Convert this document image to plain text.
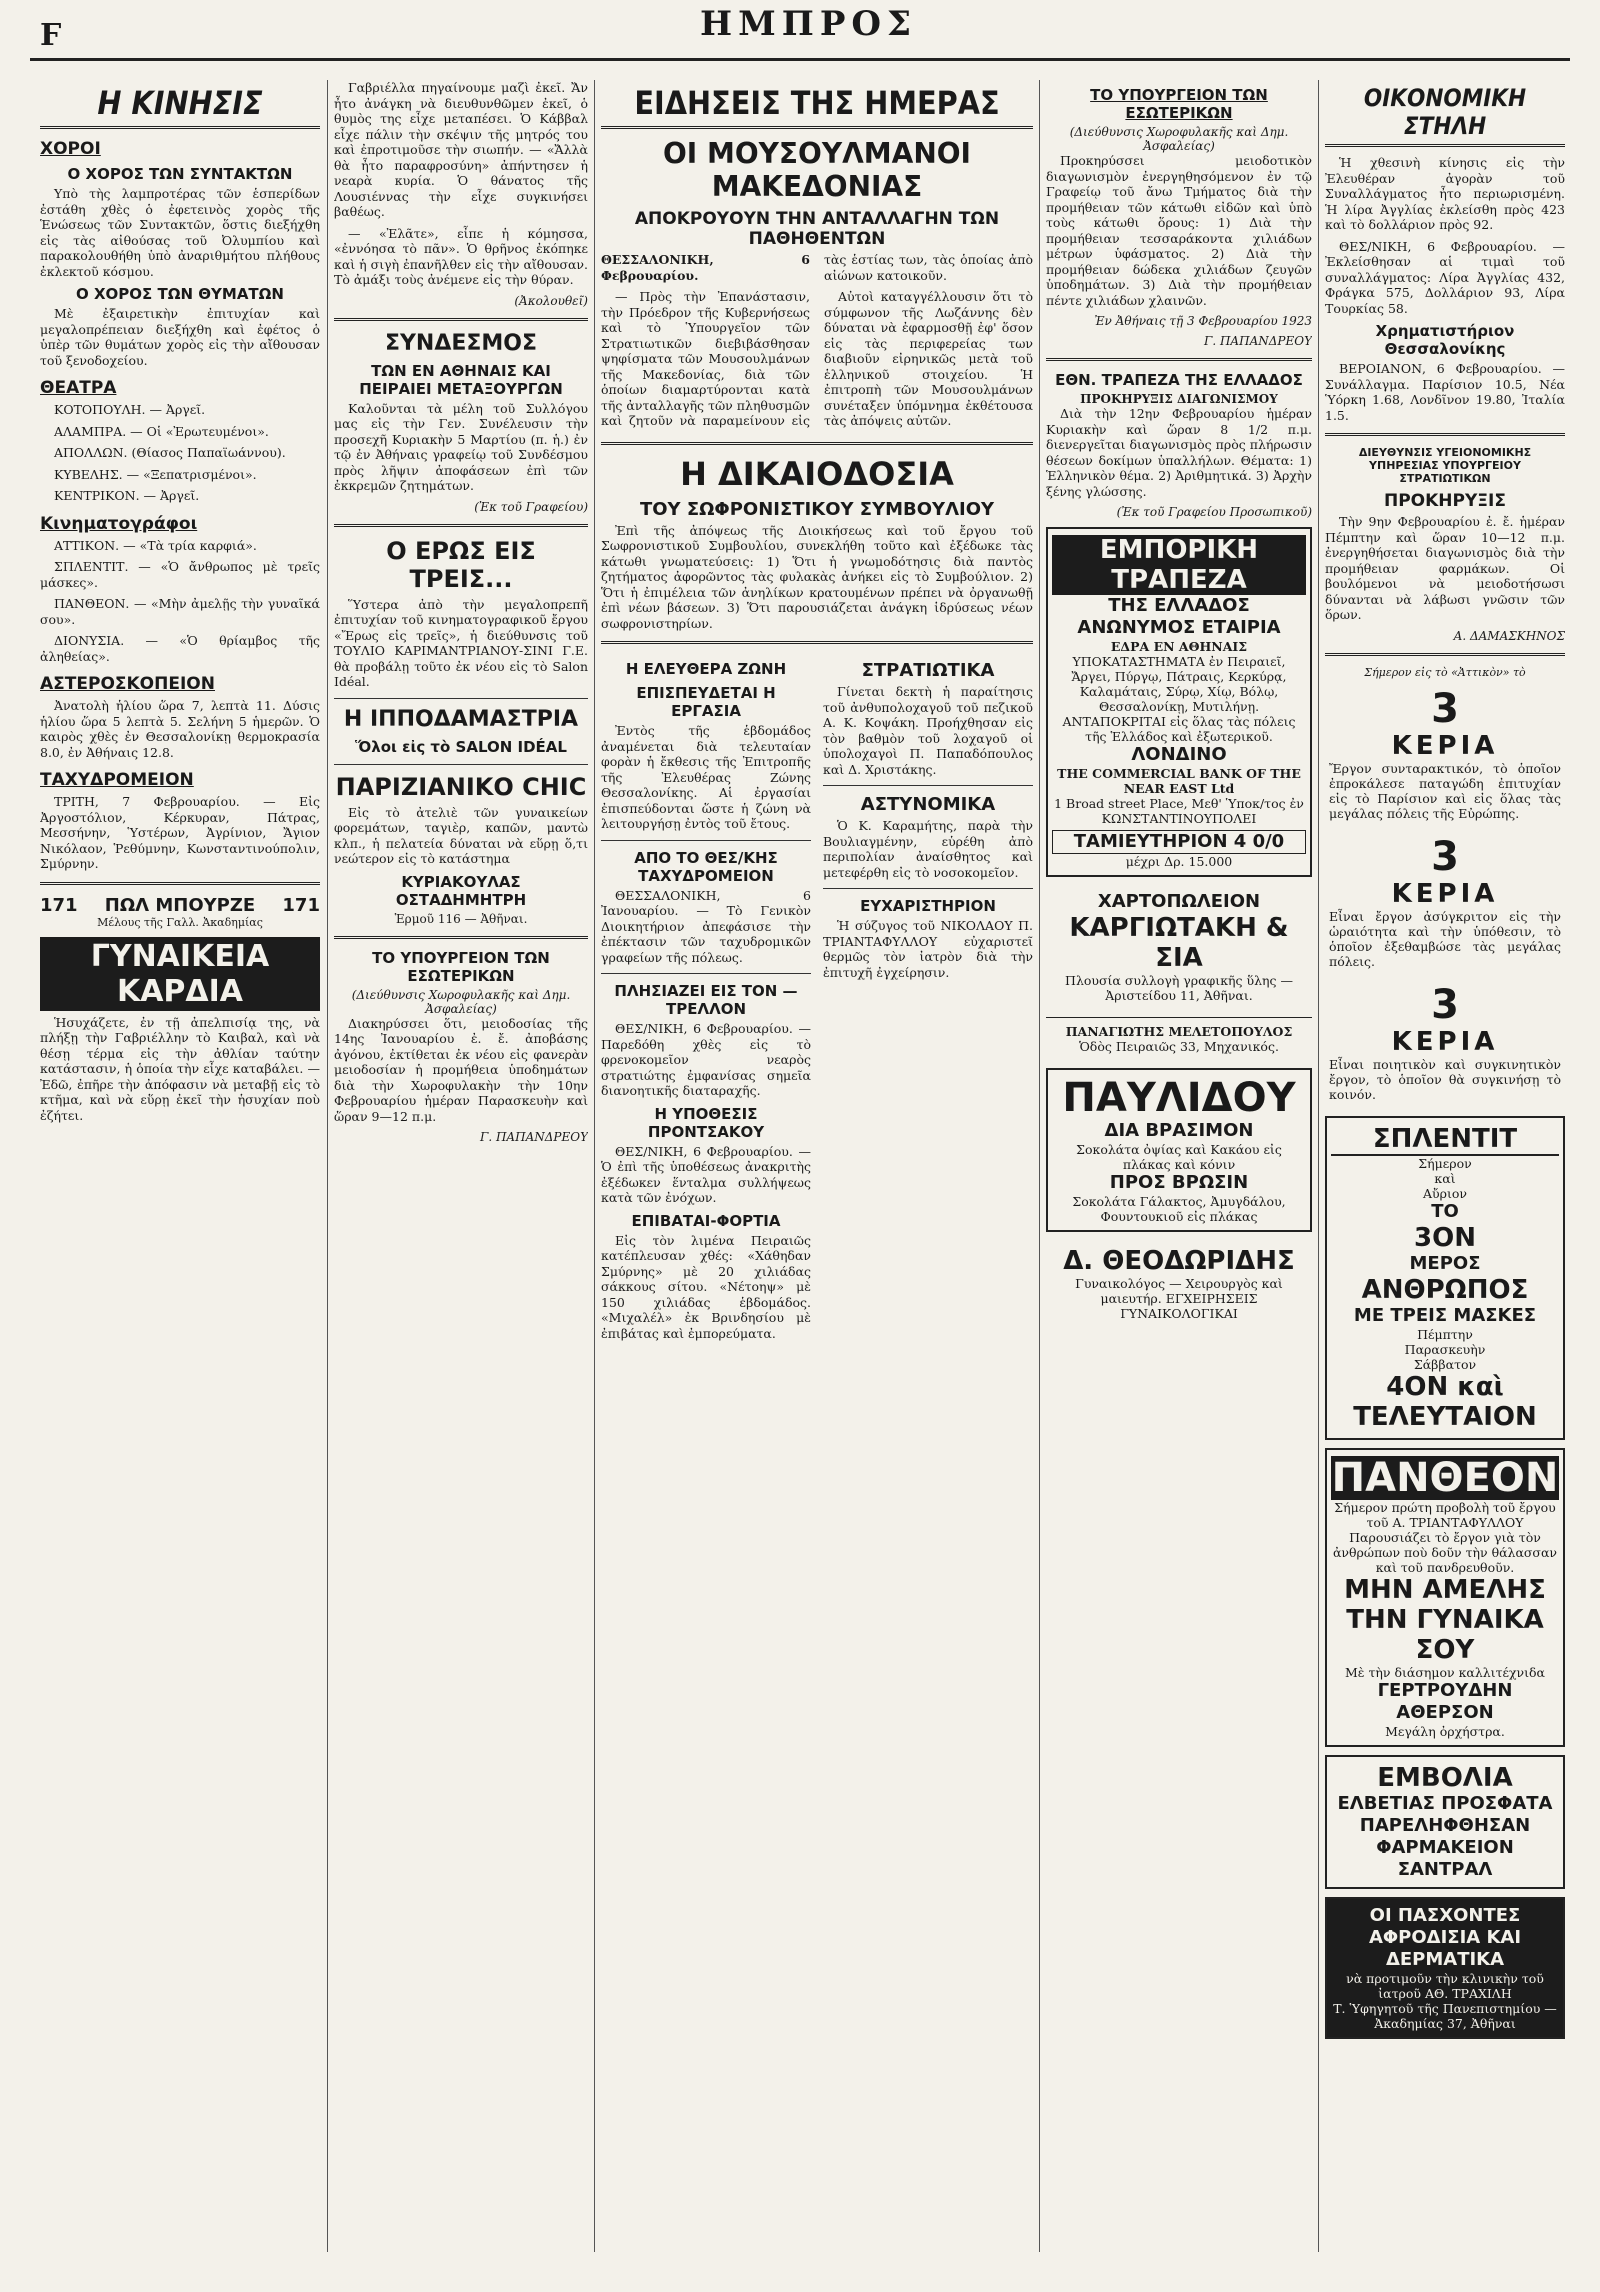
Ϝ	ΗΜΠΡΟΣ
Η ΚΙΝΗΣΙΣ
ΧΟΡΟΙ
Ο ΧΟΡΟΣ ΤΩΝ ΣΥΝΤΑΚΤΩΝ

Υπὸ τὴς λαμπροτέρας τῶν ἑσπερίδων ἐστάθη χθὲς ὁ ἐφετεινὸς χορὸς τῆς Ἑνώσεως τῶν Συντακτῶν, ὅστις διεξήχθη εἰς τὰς αἰθούσας τοῦ Ὀλυμπίου καὶ παρακολουθήθη ὑπὸ ἀναριθμήτου πλήθους ἐκλεκτοῦ κόσμου.

Ο ΧΟΡΟΣ ΤΩΝ ΘΥΜΑΤΩΝ

Μὲ ἐξαιρετικὴν ἐπιτυχίαν καὶ μεγαλοπρέπειαν διεξήχθη καὶ ἐφέτος ὁ ὑπὲρ τῶν θυμάτων χορὸς εἰς τὴν αἴθουσαν τοῦ ξενοδοχείου.

ΘΕΑΤΡΑ

ΚΟΤΟΠΟΥΛΗ. — Ἀργεῖ.

ΑΛΑΜΠΡΑ. — Οἱ «Ἐρωτευμένοι».

ΑΠΟΛΛΩΝ. (Θίασος Παπαϊωάννου).

ΚΥΒΕΛΗΣ. — «Ξεπατρισμένοι».

ΚΕΝΤΡΙΚΟΝ. — Ἀργεῖ.

Κινηματογράφοι

ΑΤΤΙΚΟΝ. — «Τὰ τρία καρφιά».

ΣΠΛΕΝΤΙΤ. — «Ὁ ἄνθρωπος μὲ τρεῖς μάσκες».

ΠΑΝΘΕΟΝ. — «Μὴν ἀμελῇς τὴν γυναῖκά σου».

ΔΙΟΝΥΣΙΑ. — «Ὁ θρίαμβος τῆς ἀληθείας».

ΑΣΤΕΡΟΣΚΟΠΕΙΟΝ

Ἀνατολὴ ἡλίου ὥρα 7, λεπτὰ 11. Δύσις ἡλίου ὥρα 5 λεπτὰ 5. Σελήνη 5 ἡμερῶν. Ὁ καιρὸς χθὲς ἐν Θεσσαλονίκῃ θερμοκρασία 8.0, ἐν Ἀθήναις 12.8.

ΤΑΧΥΔΡΟΜΕΙΟΝ

ΤΡΙΤΗ, 7 Φεβρουαρίου. — Εἰς Ἀργοστόλιον, Κέρκυραν, Πάτρας, Μεσσήνην, Ὑστέρων, Ἀγρίνιον, Ἄγιον Νικόλαον, Ῥεθύμνην, Κωνσταντινούπολιν, Σμύρνην.

171 ΠΩΛ ΜΠΟΥΡΖΕ 171
Μέλους τῆς Γαλλ. Ἀκαδημίας
ΓΥΝΑΙΚΕΙΑ ΚΑΡΔΙΑ

Ἡσυχάζετε, ἐν τῇ ἀπελπισίᾳ της, νὰ πλήξῃ τὴν Γαβριέλλην τὸ Καιβαλ, καὶ νὰ θέσῃ τέρμα εἰς τὴν ἀθλίαν ταύτην κατάστασιν, ἡ ὁποία τὴν εἶχε καταβάλει. —Ἐδῶ, ἐπῆρε τὴν ἀπόφασιν νὰ μεταβῇ εἰς τὸ κτῆμα, καὶ νὰ εὕρῃ ἐκεῖ τὴν ἡσυχίαν ποὺ ἐζήτει.

Γαβριέλλα πηγαίνουμε μαζὶ ἐκεῖ. Ἄν ἦτο ἀνάγκη νὰ διευθυνθῶμεν ἐκεῖ, ὁ θυμὸς της εἶχε μεταπέσει. Ὁ Κάββαλ εἶχε πάλιν τὴν σκέψιν τῆς μητρός του καὶ ἐπροτιμοῦσε τὴν σιωπήν. — «Ἄλλὰ θὰ ἦτο παραφροσύνη» ἀπήντησεν ἡ νεαρὰ κυρία. Ὁ θάνατος τῆς Λουσιέννας τὴν εἶχε συγκινήσει βαθέως.

— «Ἐλᾶτε», εἶπε ἡ κόμησσα, «ἐννόησα τὸ πᾶν». Ὁ θρῆνος ἐκόπηκε καὶ ἡ σιγὴ ἐπανῆλθεν εἰς τὴν αἴθουσαν. Τὸ ἀμάξι τοὺς ἀνέμενε εἰς τὴν θύραν.

(Ἀκολουθεῖ)
ΣΥΝΔΕΣΜΟΣ
ΤΩΝ ΕΝ ΑΘΗΝΑΙΣ ΚΑΙ ΠΕΙΡΑΙΕΙ ΜΕΤΑΞΟΥΡΓΩΝ

Καλοῦνται τὰ μέλη τοῦ Συλλόγου μας εἰς τὴν Γεν. Συνέλευσιν τὴν προσεχῆ Κυριακὴν 5 Μαρτίου (π. ἡ.) ἐν τῷ ἐν Ἀθήναις γραφείῳ τοῦ Συνδέσμου πρὸς λῆψιν ἀποφάσεων ἐπὶ τῶν ἐκκρεμῶν ζητημάτων.

(Ἐκ τοῦ Γραφείου)
Ο ΕΡΩΣ ΕΙΣ ΤΡΕΙΣ...

Ὕστερα ἀπὸ τὴν μεγαλοπρεπῆ ἐπιτυχίαν τοῦ κινηματογραφικοῦ ἔργου «Ἔρως εἰς τρεῖς», ἡ διεύθυνσις τοῦ ΤΟΥΛΙΟ ΚΑΡΙΜΑΝΤΡΙΑΝΟΥ-ΣΙΝΙ Γ.Ε. θὰ προβάλῃ τοῦτο ἐκ νέου εἰς τὸ Salon Idéal.

Η ΙΠΠΟΔΑΜΑΣΤΡΙΑ
Ὅλοι εἰς τὸ SALON IDÉAL
ΠΑΡΙΖΙΑΝΙΚΟ CHIC

Εἰς τὸ ἀτελιὲ τῶν γυναικείων φορεμάτων, ταγιὲρ, καπῶν, μαντὼ κλπ., ἡ πελατεία δύναται νὰ εὕρῃ ὅ,τι νεώτερον εἰς τὸ κατάστημα

ΚΥΡΙΑΚΟΥΛΑΣ ΟΣΤΑΔΗΜΗΤΡΗ
Ἑρμοῦ 116 — Ἀθῆναι.
ΤΟ ΥΠΟΥΡΓΕΙΟΝ ΤΩΝ ΕΣΩΤΕΡΙΚΩΝ
(Διεύθυνσις Χωροφυλακῆς καὶ Δημ. Ἀσφαλείας)

Διακηρύσσει ὅτι, μειοδοσίας τῆς 14ης Ἰανουαρίου ἐ. ἔ. ἀποβάσης ἀγόνου, ἐκτίθεται ἐκ νέου εἰς φανερὰν μειοδοσίαν ἡ προμήθεια ὑποδημάτων διὰ τὴν Χωροφυλακὴν τὴν 10ην Φεβρουαρίου ἡμέραν Παρασκευὴν καὶ ὥραν 9—12 π.μ.

Γ. ΠΑΠΑΝΔΡΕΟΥ
ΕΙΔΗΣΕΙΣ ΤΗΣ ΗΜΕΡΑΣ
ΟΙ ΜΟΥΣΟΥΛΜΑΝΟΙ ΜΑΚΕΔΟΝΙΑΣ
ΑΠΟΚΡΟΥΟΥΝ ΤΗΝ ΑΝΤΑΛΛΑΓΗΝ ΤΩΝ ΠΑΘΗΘΕΝΤΩΝ

ΘΕΣΣΑΛΟΝΙΚΗ, 6 Φεβρουαρίου.

— Πρὸς τὴν Ἐπανάστασιν, τὴν Πρόεδρον τῆς Κυβερνήσεως καὶ τὸ Ὑπουργεῖον τῶν Στρατιωτικῶν διεβιβάσθησαν ψηφίσματα τῶν Μουσουλμάνων τῆς Μακεδονίας, διὰ τῶν ὁποίων διαμαρτύρονται κατὰ τῆς ἀνταλλαγῆς τῶν πληθυσμῶν καὶ ζητοῦν νὰ παραμείνουν εἰς τὰς ἑστίας των, τὰς ὁποίας ἀπὸ αἰώνων κατοικοῦν.

Αὐτοὶ καταγγέλλουσιν ὅτι τὸ σύμφωνον τῆς Λωζάννης δὲν δύναται νὰ ἐφαρμοσθῇ ἐφ' ὅσον εἰς τὰς περιφερείας των διαβιοῦν εἰρηνικῶς μετὰ τοῦ ἑλληνικοῦ στοιχείου. Ἡ ἐπιτροπὴ τῶν Μουσουλμάνων συνέταξεν ὑπόμνημα ἐκθέτουσα τὰς ἀπόψεις αὐτῶν.

Η ΔΙΚΑΙΟΔΟΣΙΑ
ΤΟΥ ΣΩΦΡΟΝΙΣΤΙΚΟΥ ΣΥΜΒΟΥΛΙΟΥ

Ἐπὶ τῆς ἀπόψεως τῆς Διοικήσεως καὶ τοῦ ἔργου τοῦ Σωφρονιστικοῦ Συμβουλίου, συνεκλήθη τοῦτο καὶ ἐξέδωκε τὰς κάτωθι γνωματεύσεις: 1) Ὅτι ἡ γνωμοδότησις διὰ παντὸς ζητήματος ἀφορῶντος τὰς φυλακὰς ἀνήκει εἰς τὸ Συμβούλιον. 2) Ὅτι ἡ ἐπιμέλεια τῶν ἀνηλίκων κρατουμένων πρέπει νὰ ὀργανωθῇ ἐπὶ νέων βάσεων. 3) Ὅτι παρουσιάζεται ἀνάγκη ἱδρύσεως νέων σωφρονιστηρίων.

Η ΕΛΕΥΘΕΡΑ ΖΩΝΗ
ΕΠΙΣΠΕΥΔΕΤΑΙ Η ΕΡΓΑΣΙΑ

Ἐντὸς τῆς ἑβδομάδος ἀναμένεται διὰ τελευταίαν φορὰν ἡ ἔκθεσις τῆς Ἐπιτροπῆς τῆς Ἐλευθέρας Ζώνης Θεσσαλονίκης. Αἱ ἐργασίαι ἐπισπεύδονται ὥστε ἡ ζώνη νὰ λειτουργήσῃ ἐντὸς τοῦ ἔτους.

ΑΠΟ ΤΟ ΘΕΣ/ΚΗΣ ΤΑΧΥΔΡΟΜΕΙΟΝ

ΘΕΣΣΑΛΟΝΙΚΗ, 6 Ἰανουαρίου. — Τὸ Γενικὸν Διοικητήριον ἀπεφάσισε τὴν ἐπέκτασιν τῶν ταχυδρομικῶν γραφείων τῆς πόλεως.

ΠΛΗΣΙΑΖΕΙ ΕΙΣ ΤΟΝ — ΤΡΕΛΛΟΝ

ΘΕΣ/ΝΙΚΗ, 6 Φεβρουαρίου. — Παρεδόθη χθὲς εἰς τὸ φρενοκομεῖον νεαρὸς στρατιώτης ἐμφανίσας σημεῖα διανοητικῆς διαταραχῆς.

Η ΥΠΟΘΕΣΙΣ ΠΡΟΝΤΣΑΚΟΥ

ΘΕΣ/ΝΙΚΗ, 6 Φεβρουαρίου. — Ὁ ἐπὶ τῆς ὑποθέσεως ἀνακριτὴς ἐξέδωκεν ἕνταλμα συλλήψεως κατὰ τῶν ἐνόχων.

ΕΠΙΒΑΤΑΙ-ΦΟΡΤΙΑ

Εἰς τὸν λιμένα Πειραιῶς κατέπλευσαν χθές: «Χάθηδαν Σμύρνης» μὲ 20 χιλιάδας σάκκους σίτου. «Νέτοηψ» μὲ 150 χιλιάδας ἑβδομάδος. «Μιχαλέλ» ἐκ Βρινδησίου μὲ ἐπιβάτας καὶ ἐμπορεύματα.

ΣΤΡΑΤΙΩΤΙΚΑ

Γίνεται δεκτὴ ἡ παραίτησις τοῦ ἀνθυπολοχαγοῦ τοῦ πεζικοῦ Α. Κ. Κοψάκη. Προήχθησαν εἰς τὸν βαθμὸν τοῦ λοχαγοῦ οἱ ὑπολοχαγοὶ Π. Παπαδόπουλος καὶ Δ. Χριστάκης.

ΑΣΤΥΝΟΜΙΚΑ

Ὁ Κ. Καραμήτης, παρὰ τὴν Βουλιαγμένην, εὑρέθη ἀπὸ περιπολίαν ἀναίσθητος καὶ μετεφέρθη εἰς τὸ νοσοκομεῖον.

ΕΥΧΑΡΙΣΤΗΡΙΟΝ

Ἡ σύζυγος τοῦ ΝΙΚΟΛΑΟΥ Π. ΤΡΙΑΝΤΑΦΥΛΛΟΥ εὐχαριστεῖ θερμῶς τὸν ἰατρὸν διὰ τὴν ἐπιτυχῆ ἐγχείρησιν.

ΤΟ ΥΠΟΥΡΓΕΙΟΝ ΤΩΝ ΕΣΩΤΕΡΙΚΩΝ
(Διεύθυνσις Χωροφυλακῆς καὶ Δημ. Ἀσφαλείας)

Προκηρύσσει μειοδοτικὸν διαγωνισμὸν ἐνεργηθησόμενον ἐν τῷ Γραφείῳ τοῦ ἄνω Τμήματος διὰ τὴν προμήθειαν τῶν κάτωθι εἰδῶν καὶ ὑπὸ τοὺς κάτωθι ὅρους: 1) Διὰ τὴν προμήθειαν τεσσαράκοντα χιλιάδων μέτρων ὑφάσματος. 2) Διὰ τὴν προμήθειαν δώδεκα χιλιάδων ζευγῶν ὑποδημάτων. 3) Διὰ τὴν προμήθειαν πέντε χιλιάδων χλαινῶν.

Ἐν Ἀθήναις τῇ 3 Φεβρουαρίου 1923
Γ. ΠΑΠΑΝΔΡΕΟΥ
ΕΘΝ. ΤΡΑΠΕΖΑ ΤΗΣ ΕΛΛΑΔΟΣ
ΠΡΟΚΗΡΥΞΙΣ ΔΙΑΓΩΝΙΣΜΟΥ

Διὰ τὴν 12ην Φεβρουαρίου ἡμέραν Κυριακὴν καὶ ὥραν 8 1/2 π.μ. διενεργεῖται διαγωνισμὸς πρὸς πλήρωσιν θέσεων δοκίμων ὑπαλλήλων. Θέματα: 1) Ἑλληνικὸν θέμα. 2) Ἀριθμητικά. 3) Ἀρχὴν ξένης γλώσσης.

(Ἐκ τοῦ Γραφείου Προσωπικοῦ)
ΕΜΠΟΡΙΚΗ ΤΡΑΠΕΖΑ
ΤΗΣ ΕΛΛΑΔΟΣ
ΑΝΩΝΥΜΟΣ ΕΤΑΙΡΙΑ
ΕΔΡΑ ΕΝ ΑΘΗΝΑΙΣ
ΥΠΟΚΑΤΑΣΤΗΜΑΤΑ ἐν Πειραιεῖ, Ἄργει, Πύργῳ, Πάτραις, Κερκύρᾳ, Καλαμάταις, Σύρῳ, Χίῳ, Βόλῳ, Θεσσαλονίκῃ, Μυτιλήνῃ.
ΑΝΤΑΠΟΚΡΙΤΑΙ εἰς ὅλας τὰς πόλεις τῆς Ἑλλάδος καὶ ἐξωτερικοῦ.
ΛΟΝΔΙΝΟ
THE COMMERCIAL BANK OF THE NEAR EAST Ltd
1 Broad street Place, Mεθ' Ὑποκ/τος ἐν ΚΩΝΣΤΑΝΤΙΝΟΥΠΟΛΕΙ
ΤΑΜΙΕΥΤΗΡΙΟΝ 4 0/0
μέχρι Δρ. 15.000
ΧΑΡΤΟΠΩΛΕΙΟΝ
ΚΑΡΓΙΩΤΑΚΗ & ΣΙΑ
Πλουσία συλλογὴ γραφικῆς ὕλης — Ἀριστείδου 11, Ἀθῆναι.
ΠΑΝΑΓΙΩΤΗΣ ΜΕΛΕΤΟΠΟΥΛΟΣ
Ὁδὸς Πειραιῶς 33, Μηχανικός.
ΠΑΥΛΙΔΟΥ
ΔΙΑ ΒΡΑΣΙΜΟΝ
Σοκολάτα ὀψίας καὶ Κακάου εἰς πλάκας καὶ κόνιν
ΠΡΟΣ ΒΡΩΣΙΝ
Σοκολάτα Γάλακτος, Ἀμυγδάλου, Φουντουκιοῦ εἰς πλάκας
Δ. ΘΕΟΔΩΡΙΔΗΣ
Γυναικολόγος — Χειρουργὸς καὶ μαιευτήρ. ΕΓΧΕΙΡΗΣΕΙΣ ΓΥΝΑΙΚΟΛΟΓΙΚΑΙ
ΟΙΚΟΝΟΜΙΚΗ ΣΤΗΛΗ

Ἡ χθεσινὴ κίνησις εἰς τὴν Ἐλευθέραν ἀγορὰν τοῦ Συναλλάγματος ἦτο περιωρισμένη. Ἡ λίρα Ἀγγλίας ἐκλείσθη πρὸς 423 καὶ τὸ δολλάριον πρὸς 92.

ΘΕΣ/ΝΙΚΗ, 6 Φεβρουαρίου. — Ἐκλείσθησαν αἱ τιμαὶ τοῦ συναλλάγματος: Λίρα Ἀγγλίας 432, Φράγκα 575, Δολλάριον 93, Λίρα Τουρκίας 58.

Χρηματιστήριον Θεσσαλονίκης

ΒΕΡΟΙΑΝΟΝ, 6 Φεβρουαρίου. — Συνάλλαγμα. Παρίσιον 10.5, Νέα Ὑόρκη 1.68, Λονδῖνον 19.80, Ἰταλία 1.5.

ΔΙΕΥΘΥΝΣΙΣ ΥΓΕΙΟΝΟΜΙΚΗΣ ΥΠΗΡΕΣΙΑΣ ΥΠΟΥΡΓΕΙΟΥ ΣΤΡΑΤΙΩΤΙΚΩΝ
ΠΡΟΚΗΡΥΞΙΣ

Τὴν 9ην Φεβρουαρίου ἐ. ἔ. ἡμέραν Πέμπτην καὶ ὥραν 10—12 π.μ. ἐνεργηθήσεται διαγωνισμὸς διὰ τὴν προμήθειαν φαρμάκων. Οἱ βουλόμενοι νὰ μειοδοτήσωσι δύνανται νὰ λάβωσι γνῶσιν τῶν ὅρων.

Α. ΔΑΜΑΣΚΗΝΟΣ
Σήμερον εἰς τὸ «Ἀττικὸν» τὸ
3
ΚΕΡΙΑ
Ἔργον συνταρακτικόν, τὸ ὁποῖον ἐπροκάλεσε παταγώδη ἐπιτυχίαν εἰς τὸ Παρίσιον καὶ εἰς ὅλας τὰς μεγάλας πόλεις τῆς Εὐρώπης.
3
ΚΕΡΙΑ
Εἶναι ἔργον ἀσύγκριτον εἰς τὴν ὡραιότητα καὶ τὴν ὑπόθεσιν, τὸ ὁποῖον ἐξεθαμβώσε τὰς μεγάλας πόλεις.
3
ΚΕΡΙΑ
Εἶναι ποιητικὸν καὶ συγκινητικὸν ἔργον, τὸ ὁποῖον θὰ συγκινήσῃ τὸ κοινόν.
ΣΠΛΕΝΤΙΤ
Σήμερον
καὶ
Αὔριον
ΤΟ
3ΟΝ
ΜΕΡΟΣ
ΑΝΘΡΩΠΟΣ
ΜΕ ΤΡΕΙΣ ΜΑΣΚΕΣ
Πέμπτην
Παρασκευὴν
Σάββατον
4ΟΝ καὶ
ΤΕΛΕΥΤΑΙΟΝ
ΠΑΝΘΕΟΝ
Σήμερον πρώτη προβολὴ τοῦ ἔργου τοῦ Α. ΤΡΙΑΝΤΑΦΥΛΛΟΥ
Παρουσιάζει τὸ ἔργον γιὰ τὸν ἀνθρώπων ποὺ δοῦν τὴν θάλασσαν καὶ τοῦ πανδρευθοῦν.
ΜΗΝ ΑΜΕΛΗΣ
ΤΗΝ ΓΥΝΑΙΚΑ ΣΟΥ
Μὲ τὴν διάσημον καλλιτέχνιδα
ΓΕΡΤΡΟΥΔΗΝ ΑΘΕΡΣΟΝ
Μεγάλη ὀρχήστρα.
ΕΜΒΟΛΙΑ
ΕΛΒΕΤΙΑΣ ΠΡΟΣΦΑΤΑ
ΠΑΡΕΛΗΦΘΗΣΑΝ
ΦΑΡΜΑΚΕΙΟΝ ΣΑΝΤΡΑΛ
ΟΙ ΠΑΣΧΟΝΤΕΣ
ΑΦΡΟΔΙΣΙΑ ΚΑΙ ΔΕΡΜΑΤΙΚΑ
νὰ προτιμοῦν τὴν κλινικὴν τοῦ ἰατροῦ ΑΘ. ΤΡΑΧΙΛΗ
Τ. Ὑφηγητοῦ τῆς Πανεπιστημίου — Ἀκαδημίας 37, Ἀθῆναι
